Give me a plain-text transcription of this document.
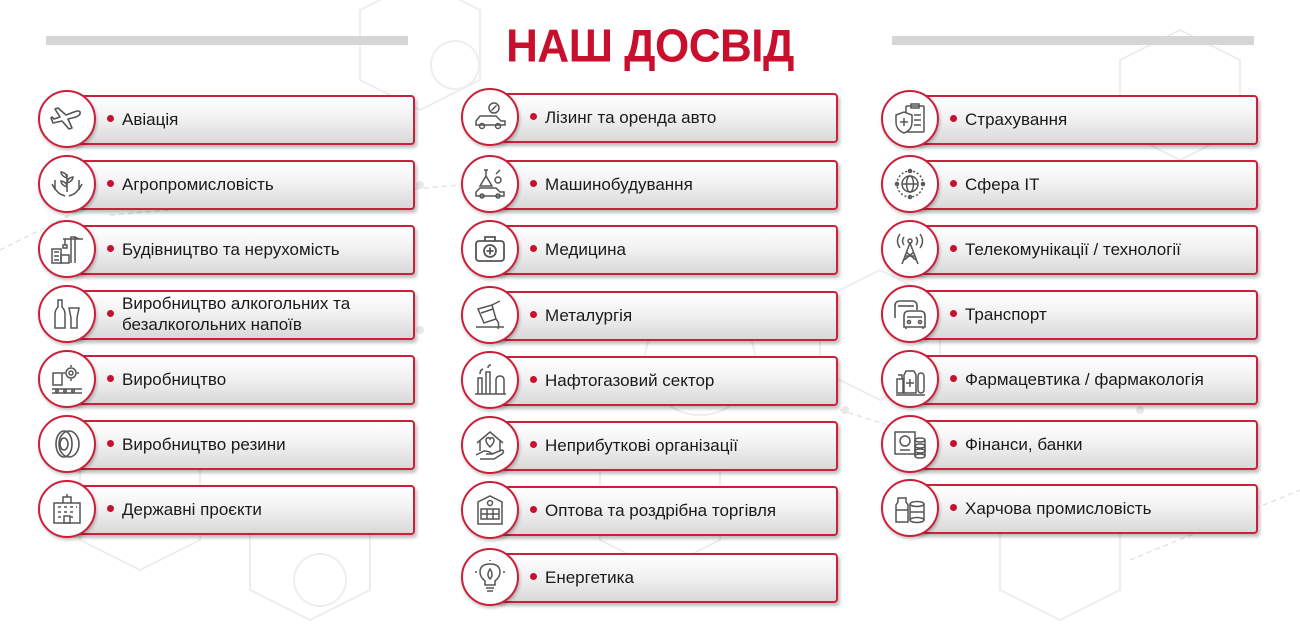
НАШ ДОСВІД
Авіація
Агропромисловість
Будівництво та нерухомість
Виробництво алкогольних та безалкогольних напоїв
Виробництво
Виробництво резини
Державні проєкти
Лізинг та оренда авто
Машинобудування
Медицина
Металургія
Нафтогазовий сектор
Неприбуткові організації
Оптова та роздрібна торгівля
Енергетика
Страхування
Сфера IT
Телекомунікації / технології
Транспорт
Фармацевтика / фармакологія
Фінанси, банки
Харчова промисловість
